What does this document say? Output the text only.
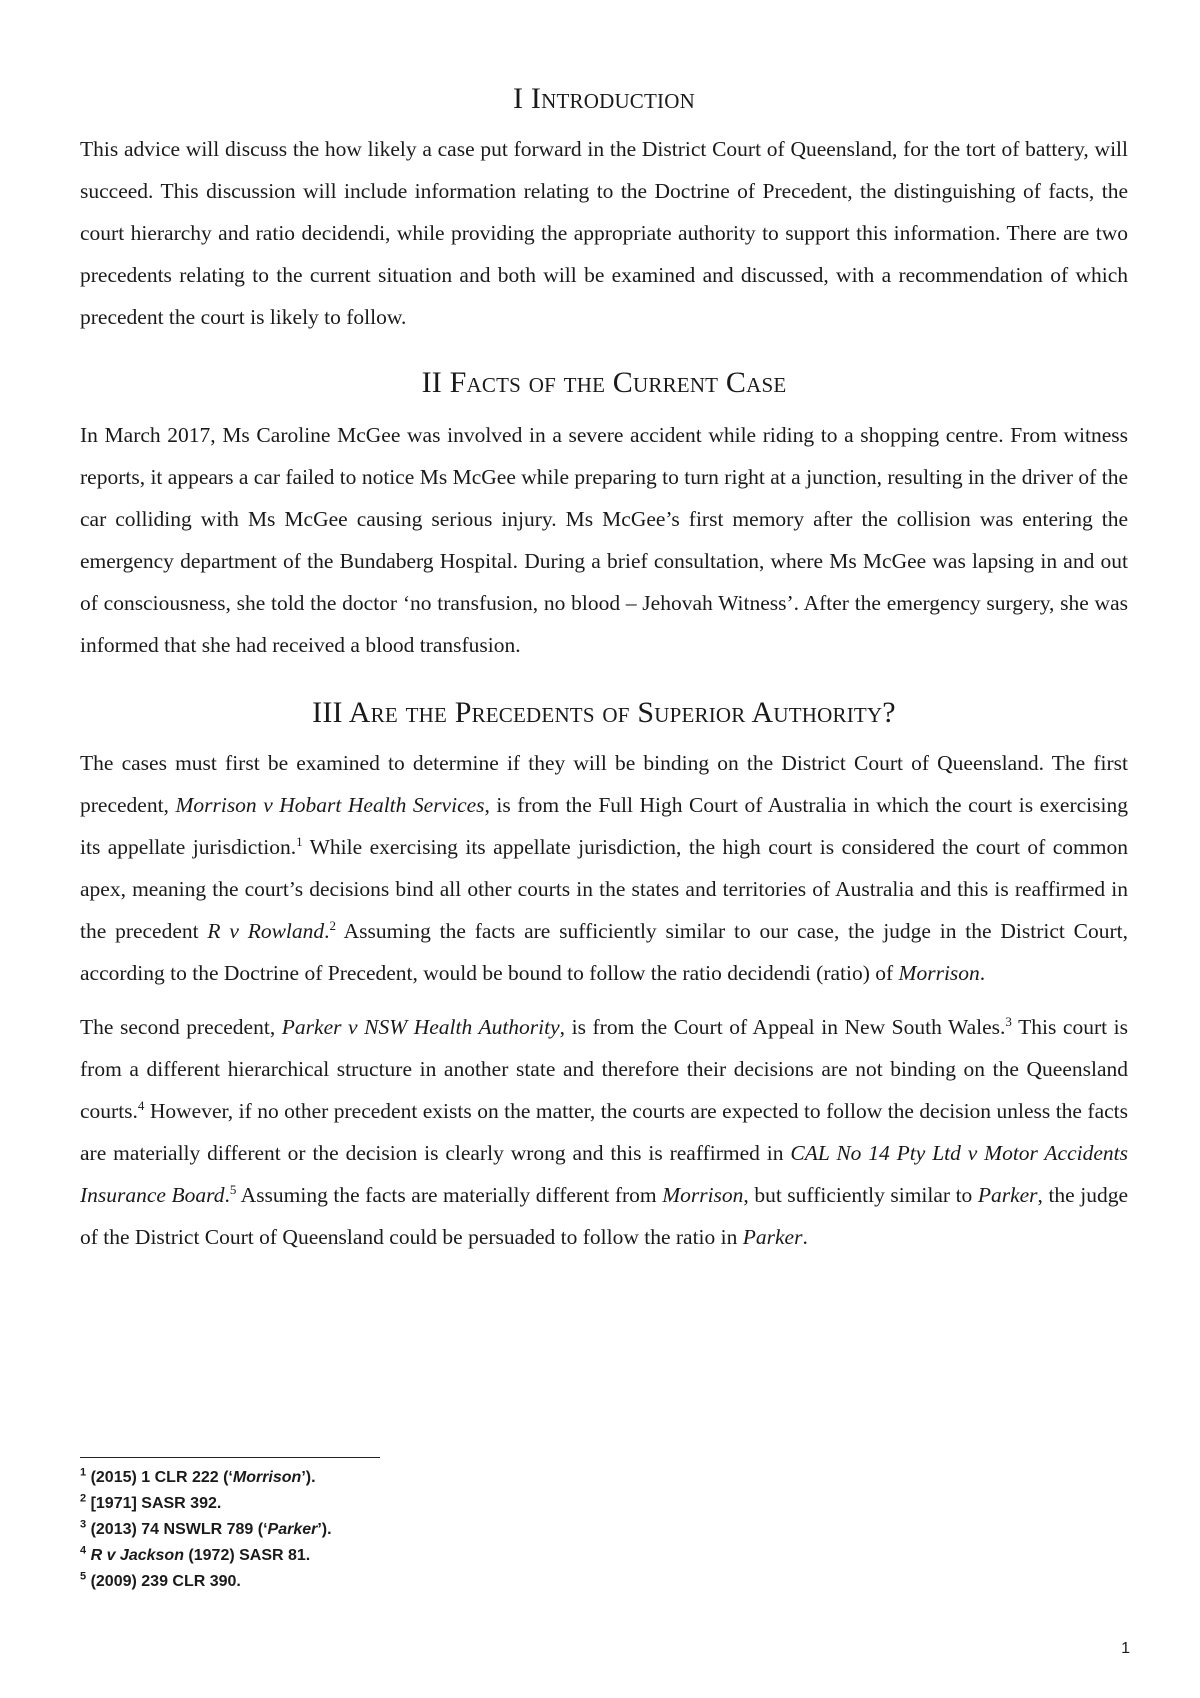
I Introduction

This advice will discuss the how likely a case put forward in the District Court of Queensland, for the tort of battery, will succeed. This discussion will include information relating to the Doctrine of Precedent, the distinguishing of facts, the court hierarchy and ratio decidendi, while providing the appropriate authority to support this information. There are two precedents relating to the current situation and both will be examined and discussed, with a recommendation of which precedent the court is likely to follow.

II Facts of the Current Case

In March 2017, Ms Caroline McGee was involved in a severe accident while riding to a shopping centre. From witness reports, it appears a car failed to notice Ms McGee while preparing to turn right at a junction, resulting in the driver of the car colliding with Ms McGee causing serious injury. Ms McGee’s first memory after the collision was entering the emergency department of the Bundaberg Hospital. During a brief consultation, where Ms McGee was lapsing in and out of consciousness, she told the doctor ‘no transfusion, no blood – Jehovah Witness’. After the emergency surgery, she was informed that she had received a blood transfusion.

III Are the Precedents of Superior Authority?

The cases must first be examined to determine if they will be binding on the District Court of Queensland. The first precedent, Morrison v Hobart Health Services, is from the Full High Court of Australia in which the court is exercising its appellate jurisdiction.$^1$ While exercising its appellate jurisdiction, the high court is considered the court of common apex, meaning the court’s decisions bind all other courts in the states and territories of Australia and this is reaffirmed in the precedent R v Rowland.$^2$ Assuming the facts are sufficiently similar to our case, the judge in the District Court, according to the Doctrine of Precedent, would be bound to follow the ratio decidendi (ratio) of Morrison.

The second precedent, Parker v NSW Health Authority, is from the Court of Appeal in New South Wales.$^3$ This court is from a different hierarchical structure in another state and therefore their decisions are not binding on the Queensland courts.$^4$ However, if no other precedent exists on the matter, the courts are expected to follow the decision unless the facts are materially different or the decision is clearly wrong and this is reaffirmed in CAL No 14 Pty Ltd v Motor Accidents Insurance Board.$^5$ Assuming the facts are materially different from Morrison, but sufficiently similar to Parker, the judge of the District Court of Queensland could be persuaded to follow the ratio in Parker.

$^1$ (2015) 1 CLR 222 (‘Morrison’).
$^2$ [1971] SASR 392.
$^3$ (2013) 74 NSWLR 789 (‘Parker’).
$^4$ R v Jackson (1972) SASR 81.
$^5$ (2009) 239 CLR 390.
1
